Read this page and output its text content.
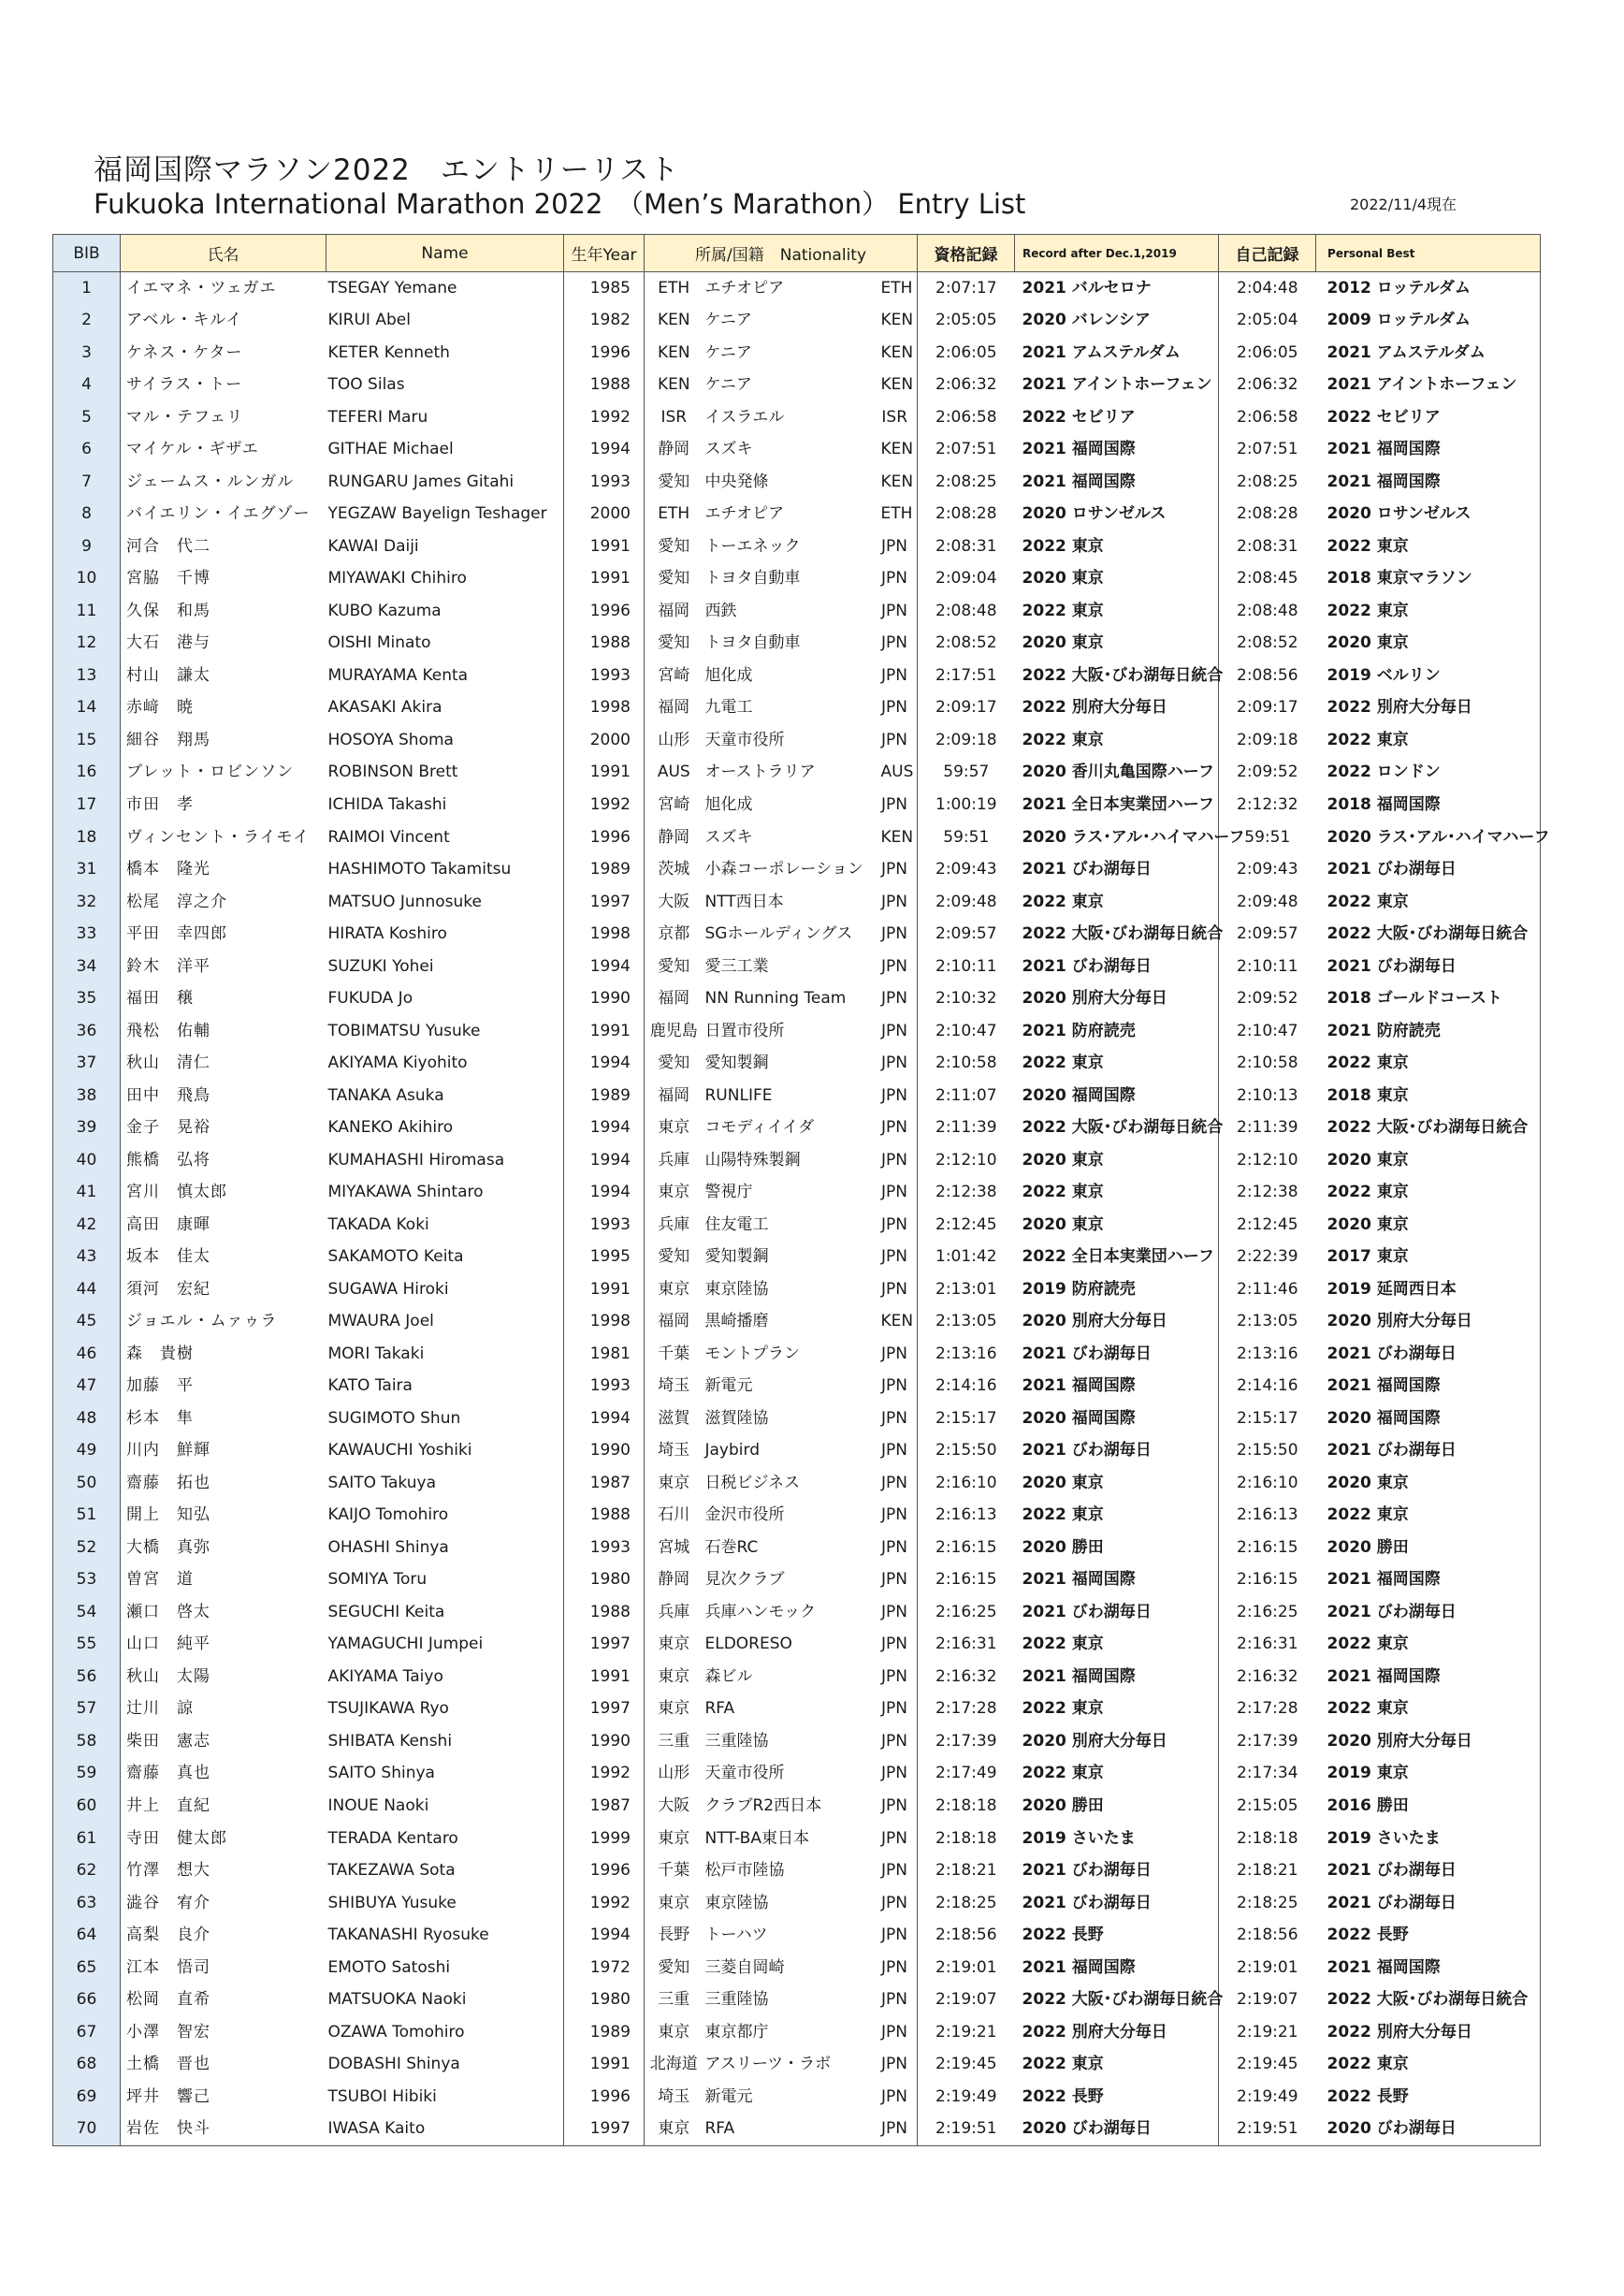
福岡国際マラソン2022　エントリーリスト
Fukuoka International Marathon 2022　（Men’s Marathon） Entry List	2022/11/4現在
BIB	氏名	Name	生年Year	所属/国籍　Nationality			資格記録	Record after Dec.1,2019	自己記録	Personal Best
1	イエマネ・ツェガエ	TSEGAY Yemane	1985	ETH	エチオピア	ETH	2:07:17	2021 バルセロナ	2:04:48	2012 ロッテルダム
2	アベル・キルイ	KIRUI Abel	1982	KEN	ケニア	KEN	2:05:05	2020 バレンシア	2:05:04	2009 ロッテルダム
3	ケネス・ケター	KETER Kenneth	1996	KEN	ケニア	KEN	2:06:05	2021 アムステルダム	2:06:05	2021 アムステルダム
4	サイラス・トー	TOO Silas	1988	KEN	ケニア	KEN	2:06:32	2021 アイントホーフェン	2:06:32	2021 アイントホーフェン
5	マル・テフェリ	TEFERI Maru	1992	ISR	イスラエル	ISR	2:06:58	2022 セビリア	2:06:58	2022 セビリア
6	マイケル・ギザエ	GITHAE Michael	1994	静岡	スズキ	KEN	2:07:51	2021 福岡国際	2:07:51	2021 福岡国際
7	ジェームス・ルンガル	RUNGARU James Gitahi	1993	愛知	中央発條	KEN	2:08:25	2021 福岡国際	2:08:25	2021 福岡国際
8	バイエリン・イエグゾー	YEGZAW Bayelign Teshager	2000	ETH	エチオピア	ETH	2:08:28	2020 ロサンゼルス	2:08:28	2020 ロサンゼルス
9	河合　代二	KAWAI Daiji	1991	愛知	トーエネック	JPN	2:08:31	2022 東京	2:08:31	2022 東京
10	宮脇　千博	MIYAWAKI Chihiro	1991	愛知	トヨタ自動車	JPN	2:09:04	2020 東京	2:08:45	2018 東京マラソン
11	久保　和馬	KUBO Kazuma	1996	福岡	西鉄	JPN	2:08:48	2022 東京	2:08:48	2022 東京
12	大石　港与	OISHI Minato	1988	愛知	トヨタ自動車	JPN	2:08:52	2020 東京	2:08:52	2020 東京
13	村山　謙太	MURAYAMA Kenta	1993	宮崎	旭化成	JPN	2:17:51	2022 大阪･びわ湖毎日統合	2:08:56	2019 ベルリン
14	赤﨑　暁	AKASAKI Akira	1998	福岡	九電工	JPN	2:09:17	2022 別府大分毎日	2:09:17	2022 別府大分毎日
15	細谷　翔馬	HOSOYA Shoma	2000	山形	天童市役所	JPN	2:09:18	2022 東京	2:09:18	2022 東京
16	ブレット・ロビンソン	ROBINSON Brett	1991	AUS	オーストラリア	AUS	59:57	2020 香川丸亀国際ハーフ	2:09:52	2022 ロンドン
17	市田　孝	ICHIDA Takashi	1992	宮崎	旭化成	JPN	1:00:19	2021 全日本実業団ハーフ	2:12:32	2018 福岡国際
18	ヴィンセント・ライモイ	RAIMOI Vincent	1996	静岡	スズキ	KEN	59:51	2020 ラス･アル･ハイマハーフ	59:51	2020 ラス･アル･ハイマハーフ
31	橋本　隆光	HASHIMOTO Takamitsu	1989	茨城	小森コーポレーション	JPN	2:09:43	2021 びわ湖毎日	2:09:43	2021 びわ湖毎日
32	松尾　淳之介	MATSUO Junnosuke	1997	大阪	NTT西日本	JPN	2:09:48	2022 東京	2:09:48	2022 東京
33	平田　幸四郎	HIRATA Koshiro	1998	京都	SGホールディングス	JPN	2:09:57	2022 大阪･びわ湖毎日統合	2:09:57	2022 大阪･びわ湖毎日統合
34	鈴木　洋平	SUZUKI Yohei	1994	愛知	愛三工業	JPN	2:10:11	2021 びわ湖毎日	2:10:11	2021 びわ湖毎日
35	福田　穣	FUKUDA Jo	1990	福岡	NN Running Team	JPN	2:10:32	2020 別府大分毎日	2:09:52	2018 ゴールドコースト
36	飛松　佑輔	TOBIMATSU Yusuke	1991	鹿児島	日置市役所	JPN	2:10:47	2021 防府読売	2:10:47	2021 防府読売
37	秋山　清仁	AKIYAMA Kiyohito	1994	愛知	愛知製鋼	JPN	2:10:58	2022 東京	2:10:58	2022 東京
38	田中　飛鳥	TANAKA Asuka	1989	福岡	RUNLIFE	JPN	2:11:07	2020 福岡国際	2:10:13	2018 東京
39	金子　晃裕	KANEKO Akihiro	1994	東京	コモディイイダ	JPN	2:11:39	2022 大阪･びわ湖毎日統合	2:11:39	2022 大阪･びわ湖毎日統合
40	熊橋　弘将	KUMAHASHI Hiromasa	1994	兵庫	山陽特殊製鋼	JPN	2:12:10	2020 東京	2:12:10	2020 東京
41	宮川　慎太郎	MIYAKAWA Shintaro	1994	東京	警視庁	JPN	2:12:38	2022 東京	2:12:38	2022 東京
42	高田　康暉	TAKADA Koki	1993	兵庫	住友電工	JPN	2:12:45	2020 東京	2:12:45	2020 東京
43	坂本　佳太	SAKAMOTO Keita	1995	愛知	愛知製鋼	JPN	1:01:42	2022 全日本実業団ハーフ	2:22:39	2017 東京
44	須河　宏紀	SUGAWA Hiroki	1991	東京	東京陸協	JPN	2:13:01	2019 防府読売	2:11:46	2019 延岡西日本
45	ジョエル・ムァゥラ	MWAURA Joel	1998	福岡	黒崎播磨	KEN	2:13:05	2020 別府大分毎日	2:13:05	2020 別府大分毎日
46	森　貴樹	MORI Takaki	1981	千葉	モントプラン	JPN	2:13:16	2021 びわ湖毎日	2:13:16	2021 びわ湖毎日
47	加藤　平	KATO Taira	1993	埼玉	新電元	JPN	2:14:16	2021 福岡国際	2:14:16	2021 福岡国際
48	杉本　隼	SUGIMOTO Shun	1994	滋賀	滋賀陸協	JPN	2:15:17	2020 福岡国際	2:15:17	2020 福岡国際
49	川内　鮮輝	KAWAUCHI Yoshiki	1990	埼玉	Jaybird	JPN	2:15:50	2021 びわ湖毎日	2:15:50	2021 びわ湖毎日
50	齋藤　拓也	SAITO Takuya	1987	東京	日税ビジネス	JPN	2:16:10	2020 東京	2:16:10	2020 東京
51	開上　知弘	KAIJO Tomohiro	1988	石川	金沢市役所	JPN	2:16:13	2022 東京	2:16:13	2022 東京
52	大橋　真弥	OHASHI Shinya	1993	宮城	石巻RC	JPN	2:16:15	2020 勝田	2:16:15	2020 勝田
53	曽宮　道	SOMIYA Toru	1980	静岡	見次クラブ	JPN	2:16:15	2021 福岡国際	2:16:15	2021 福岡国際
54	瀬口　啓太	SEGUCHI Keita	1988	兵庫	兵庫ハンモック	JPN	2:16:25	2021 びわ湖毎日	2:16:25	2021 びわ湖毎日
55	山口　純平	YAMAGUCHI Jumpei	1997	東京	ELDORESO	JPN	2:16:31	2022 東京	2:16:31	2022 東京
56	秋山　太陽	AKIYAMA Taiyo	1991	東京	森ビル	JPN	2:16:32	2021 福岡国際	2:16:32	2021 福岡国際
57	辻川　諒	TSUJIKAWA Ryo	1997	東京	RFA	JPN	2:17:28	2022 東京	2:17:28	2022 東京
58	柴田　憲志	SHIBATA Kenshi	1990	三重	三重陸協	JPN	2:17:39	2020 別府大分毎日	2:17:39	2020 別府大分毎日
59	齋藤　真也	SAITO Shinya	1992	山形	天童市役所	JPN	2:17:49	2022 東京	2:17:34	2019 東京
60	井上　直紀	INOUE Naoki	1987	大阪	クラブR2西日本	JPN	2:18:18	2020 勝田	2:15:05	2016 勝田
61	寺田　健太郎	TERADA Kentaro	1999	東京	NTT-BA東日本	JPN	2:18:18	2019 さいたま	2:18:18	2019 さいたま
62	竹澤　想大	TAKEZAWA Sota	1996	千葉	松戸市陸協	JPN	2:18:21	2021 びわ湖毎日	2:18:21	2021 びわ湖毎日
63	澁谷　宥介	SHIBUYA Yusuke	1992	東京	東京陸協	JPN	2:18:25	2021 びわ湖毎日	2:18:25	2021 びわ湖毎日
64	高梨　良介	TAKANASHI Ryosuke	1994	長野	トーハツ	JPN	2:18:56	2022 長野	2:18:56	2022 長野
65	江本　悟司	EMOTO Satoshi	1972	愛知	三菱自岡崎	JPN	2:19:01	2021 福岡国際	2:19:01	2021 福岡国際
66	松岡　直希	MATSUOKA Naoki	1980	三重	三重陸協	JPN	2:19:07	2022 大阪･びわ湖毎日統合	2:19:07	2022 大阪･びわ湖毎日統合
67	小澤　智宏	OZAWA Tomohiro	1989	東京	東京都庁	JPN	2:19:21	2022 別府大分毎日	2:19:21	2022 別府大分毎日
68	土橋　晋也	DOBASHI Shinya	1991	北海道	アスリーツ・ラボ	JPN	2:19:45	2022 東京	2:19:45	2022 東京
69	坪井　響己	TSUBOI Hibiki	1996	埼玉	新電元	JPN	2:19:49	2022 長野	2:19:49	2022 長野
70	岩佐　快斗	IWASA Kaito	1997	東京	RFA	JPN	2:19:51	2020 びわ湖毎日	2:19:51	2020 びわ湖毎日
